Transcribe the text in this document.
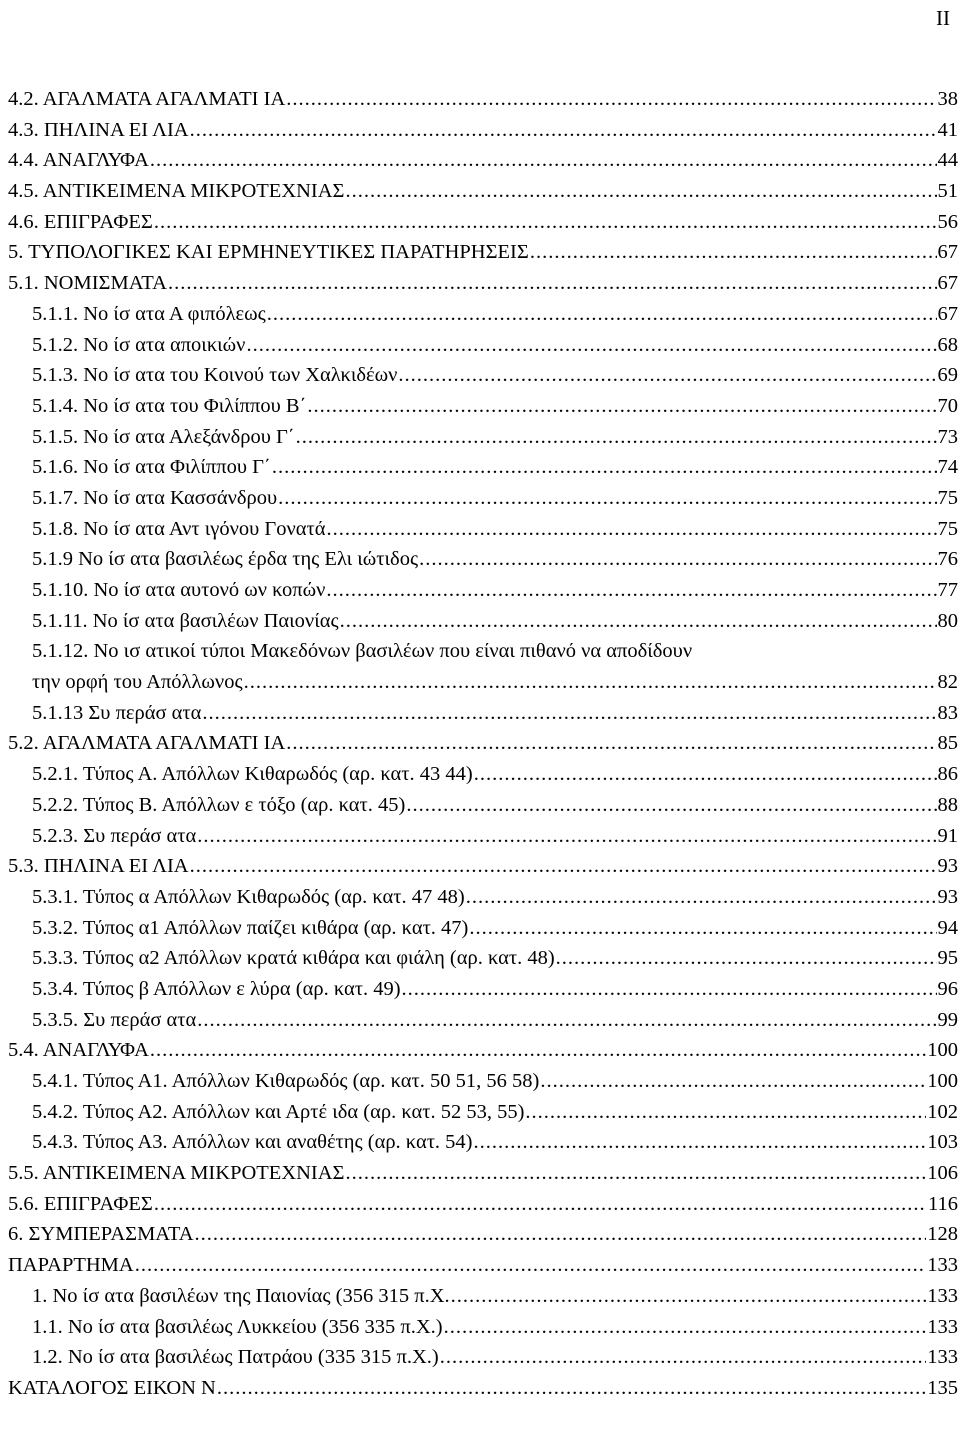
II
4.2. ΑΓΑΛΜΑΤΑ ΑΓΑΛΜΑΤΙ ΙΑ .....	38
4.3. ΠΗΛΙΝΑ ΕΙ ΛΙΑ .....	41
4.4. ΑΝΑΓΛΥΦΑ .....	44
4.5. ΑΝΤΙΚΕΙΜΕΝΑ ΜΙΚΡΟΤΕΧΝΙΑΣ .....	51
4.6. ΕΠΙΓΡΑΦΕΣ .....	56
5. ΤΥΠΟΛΟΓΙΚΕΣ ΚΑΙ ΕΡΜΗΝΕΥΤΙΚΕΣ ΠΑΡΑΤΗΡΗΣΕΙΣ .....	67
5.1. ΝΟΜΙΣΜΑΤΑ .....	67
5.1.1. Νο ίσ ατα Α φιπόλεως .....	67
5.1.2. Νο ίσ ατα αποικιών .....	68
5.1.3. Νο ίσ ατα του Κοινού των Χαλκιδέων .....	69
5.1.4. Νο ίσ ατα του Φιλίππου Β΄ .....	70
5.1.5. Νο ίσ ατα Αλεξάνδρου Γ΄ .....	73
5.1.6. Νο ίσ ατα Φιλίππου Γ΄ .....	74
5.1.7. Νο ίσ ατα Κασσάνδρου .....	75
5.1.8. Νο ίσ ατα Αντ ιγόνου Γονατά .....	75
5.1.9 Νο ίσ ατα βασιλέως έρδα της Ελι ιώτιδος .....	76
5.1.10. Νο ίσ ατα αυτονό ων κοπών .....	77
5.1.11. Νο ίσ ατα βασιλέων Παιονίας .....	80
5.1.12. Νο ισ ατικοί τύποι Μακεδόνων βασιλέων που είναι πιθανό να αποδίδουν
την ορφή του Απόλλωνος .....	82
5.1.13 Συ περάσ ατα .....	83
5.2. ΑΓΑΛΜΑΤΑ ΑΓΑΛΜΑΤΙ ΙΑ .....	85
5.2.1. Τύπος Α. Απόλλων Κιθαρωδός (αρ. κατ. 43 44) .....	86
5.2.2. Τύπος Β. Απόλλων ε τόξο (αρ. κατ. 45) .....	88
5.2.3. Συ περάσ ατα .....	91
5.3. ΠΗΛΙΝΑ ΕΙ ΛΙΑ .....	93
5.3.1. Τύπος α Απόλλων Κιθαρωδός (αρ. κατ. 47 48) .....	93
5.3.2. Τύπος α1 Απόλλων παίζει κιθάρα (αρ. κατ. 47) .....	94
5.3.3. Τύπος α2 Απόλλων κρατά κιθάρα και φιάλη (αρ. κατ. 48) .....	95
5.3.4. Τύπος β Απόλλων ε λύρα (αρ. κατ. 49) .....	96
5.3.5. Συ περάσ ατα .....	99
5.4. ΑΝΑΓΛΥΦΑ .....	100
5.4.1. Τύπος Α1. Απόλλων Κιθαρωδός (αρ. κατ. 50 51, 56 58) .....	100
5.4.2. Τύπος Α2. Απόλλων και Αρτέ ιδα (αρ. κατ. 52 53, 55) .....	102
5.4.3. Τύπος Α3. Απόλλων και αναθέτης (αρ. κατ. 54) .....	103
5.5. ΑΝΤΙΚΕΙΜΕΝΑ ΜΙΚΡΟΤΕΧΝΙΑΣ .....	106
5.6. ΕΠΙΓΡΑΦΕΣ .....	116
6. ΣΥΜΠΕΡΑΣΜΑΤΑ .....	128
ΠΑΡΑΡΤΗΜΑ .....	133
1. Νο ίσ ατα βασιλέων της Παιονίας (356 315 π.Χ. .....	133
1.1. Νο ίσ ατα βασιλέως Λυκκείου (356 335 π.Χ.) .....	133
1.2. Νο ίσ ατα βασιλέως Πατράου (335 315 π.Χ.) .....	133
ΚΑΤΑΛΟΓΟΣ ΕΙΚΟΝ Ν .....	135
